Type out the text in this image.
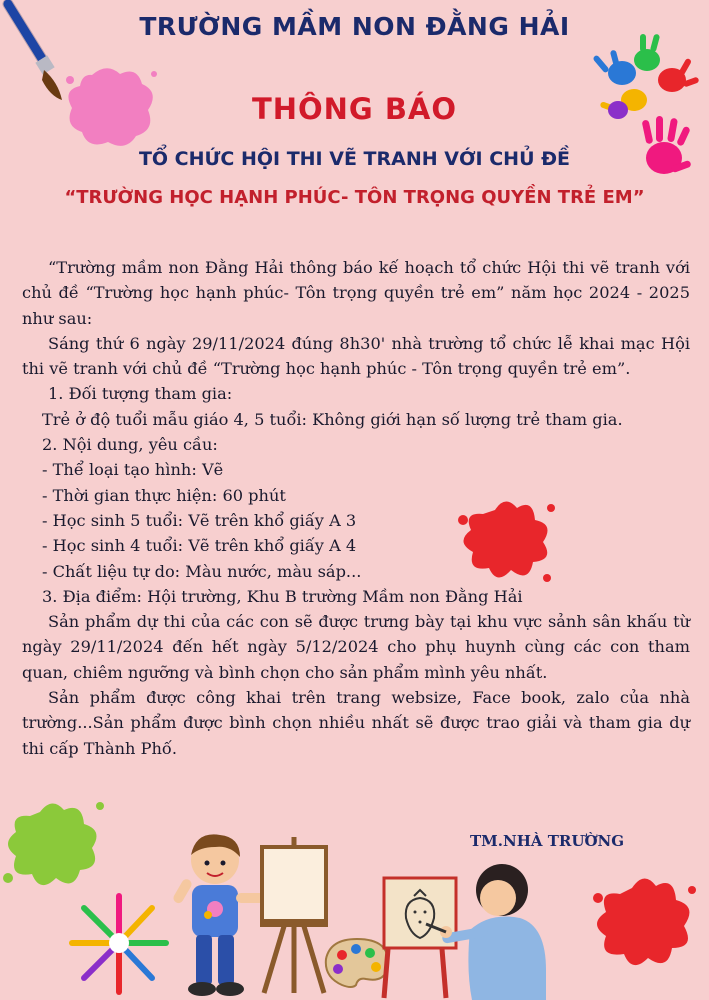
TRƯỜNG MẦM NON ĐẰNG HẢI
THÔNG BÁO
TỔ CHỨC HỘI THI VẼ TRANH VỚI CHỦ ĐỀ
“TRƯỜNG HỌC HẠNH PHÚC- TÔN TRỌNG QUYỀN TRẺ EM”

“Trường mầm non Đằng Hải thông báo kế hoạch tổ chức Hội thi vẽ tranh với chủ đề “Trường học hạnh phúc- Tôn trọng quyền trẻ em” năm học 2024 - 2025 như sau:

Sáng thứ 6 ngày 29/11/2024 đúng 8h30' nhà trường tổ chức lễ khai mạc Hội thi vẽ tranh với chủ đề “Trường học hạnh phúc - Tôn trọng quyền trẻ em”.

1. Đối tượng tham gia:

Trẻ ở độ tuổi mẫu giáo 4, 5 tuổi: Không giới hạn số lượng trẻ tham gia.

2. Nội dung, yêu cầu:

- Thể loại tạo hình: Vẽ

- Thời gian thực hiện: 60 phút

- Học sinh 5 tuổi: Vẽ trên khổ giấy A 3

- Học sinh 4 tuổi: Vẽ trên khổ giấy A 4

- Chất liệu tự do: Màu nước, màu sáp...

3. Địa điểm: Hội trường, Khu B trường Mầm non Đằng Hải

Sản phẩm dự thi của các con sẽ được trưng bày tại khu vực sảnh sân khấu từ ngày 29/11/2024 đến hết ngày 5/12/2024 cho phụ huynh cùng các con tham quan, chiêm ngưỡng và bình chọn cho sản phẩm mình yêu nhất.

Sản phẩm được công khai trên trang websize, Face book, zalo của nhà trường...Sản phẩm được bình chọn nhiều nhất sẽ được trao giải và tham gia dự thi cấp Thành Phố.

TM.NHÀ TRƯỜNG
